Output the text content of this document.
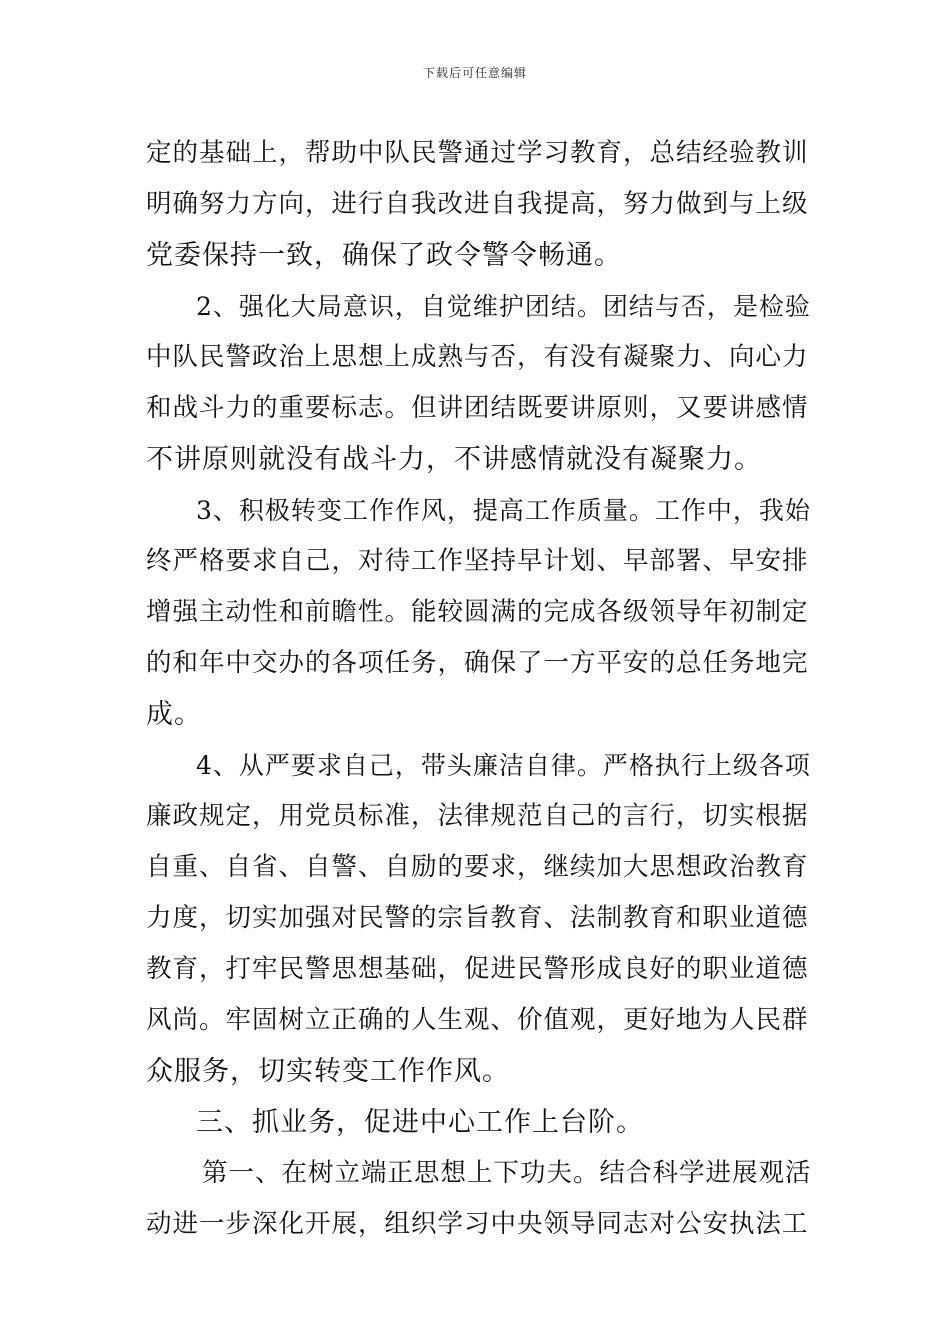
下载后可任意编辑
定的基础上，帮助中队民警通过学习教育，总结经验教训
明确努力方向，进行自我改进自我提高，努力做到与上级
党委保持一致，确保了政令警令畅通。
2、强化大局意识，自觉维护团结。团结与否，是检验
中队民警政治上思想上成熟与否，有没有凝聚力、向心力
和战斗力的重要标志。但讲团结既要讲原则，又要讲感情
不讲原则就没有战斗力，不讲感情就没有凝聚力。
3、积极转变工作作风，提高工作质量。工作中，我始
终严格要求自己，对待工作坚持早计划、早部署、早安排
增强主动性和前瞻性。能较圆满的完成各级领导年初制定
的和年中交办的各项任务，确保了一方平安的总任务地完
成。
4、从严要求自己，带头廉洁自律。严格执行上级各项
廉政规定，用党员标准，法律规范自己的言行，切实根据
自重、自省、自警、自励的要求，继续加大思想政治教育
力度，切实加强对民警的宗旨教育、法制教育和职业道德
教育，打牢民警思想基础，促进民警形成良好的职业道德
风尚。牢固树立正确的人生观、价值观，更好地为人民群
众服务，切实转变工作作风。
三、抓业务，促进中心工作上台阶。
第一、在树立端正思想上下功夫。结合科学进展观活
动进一步深化开展，组织学习中央领导同志对公安执法工
